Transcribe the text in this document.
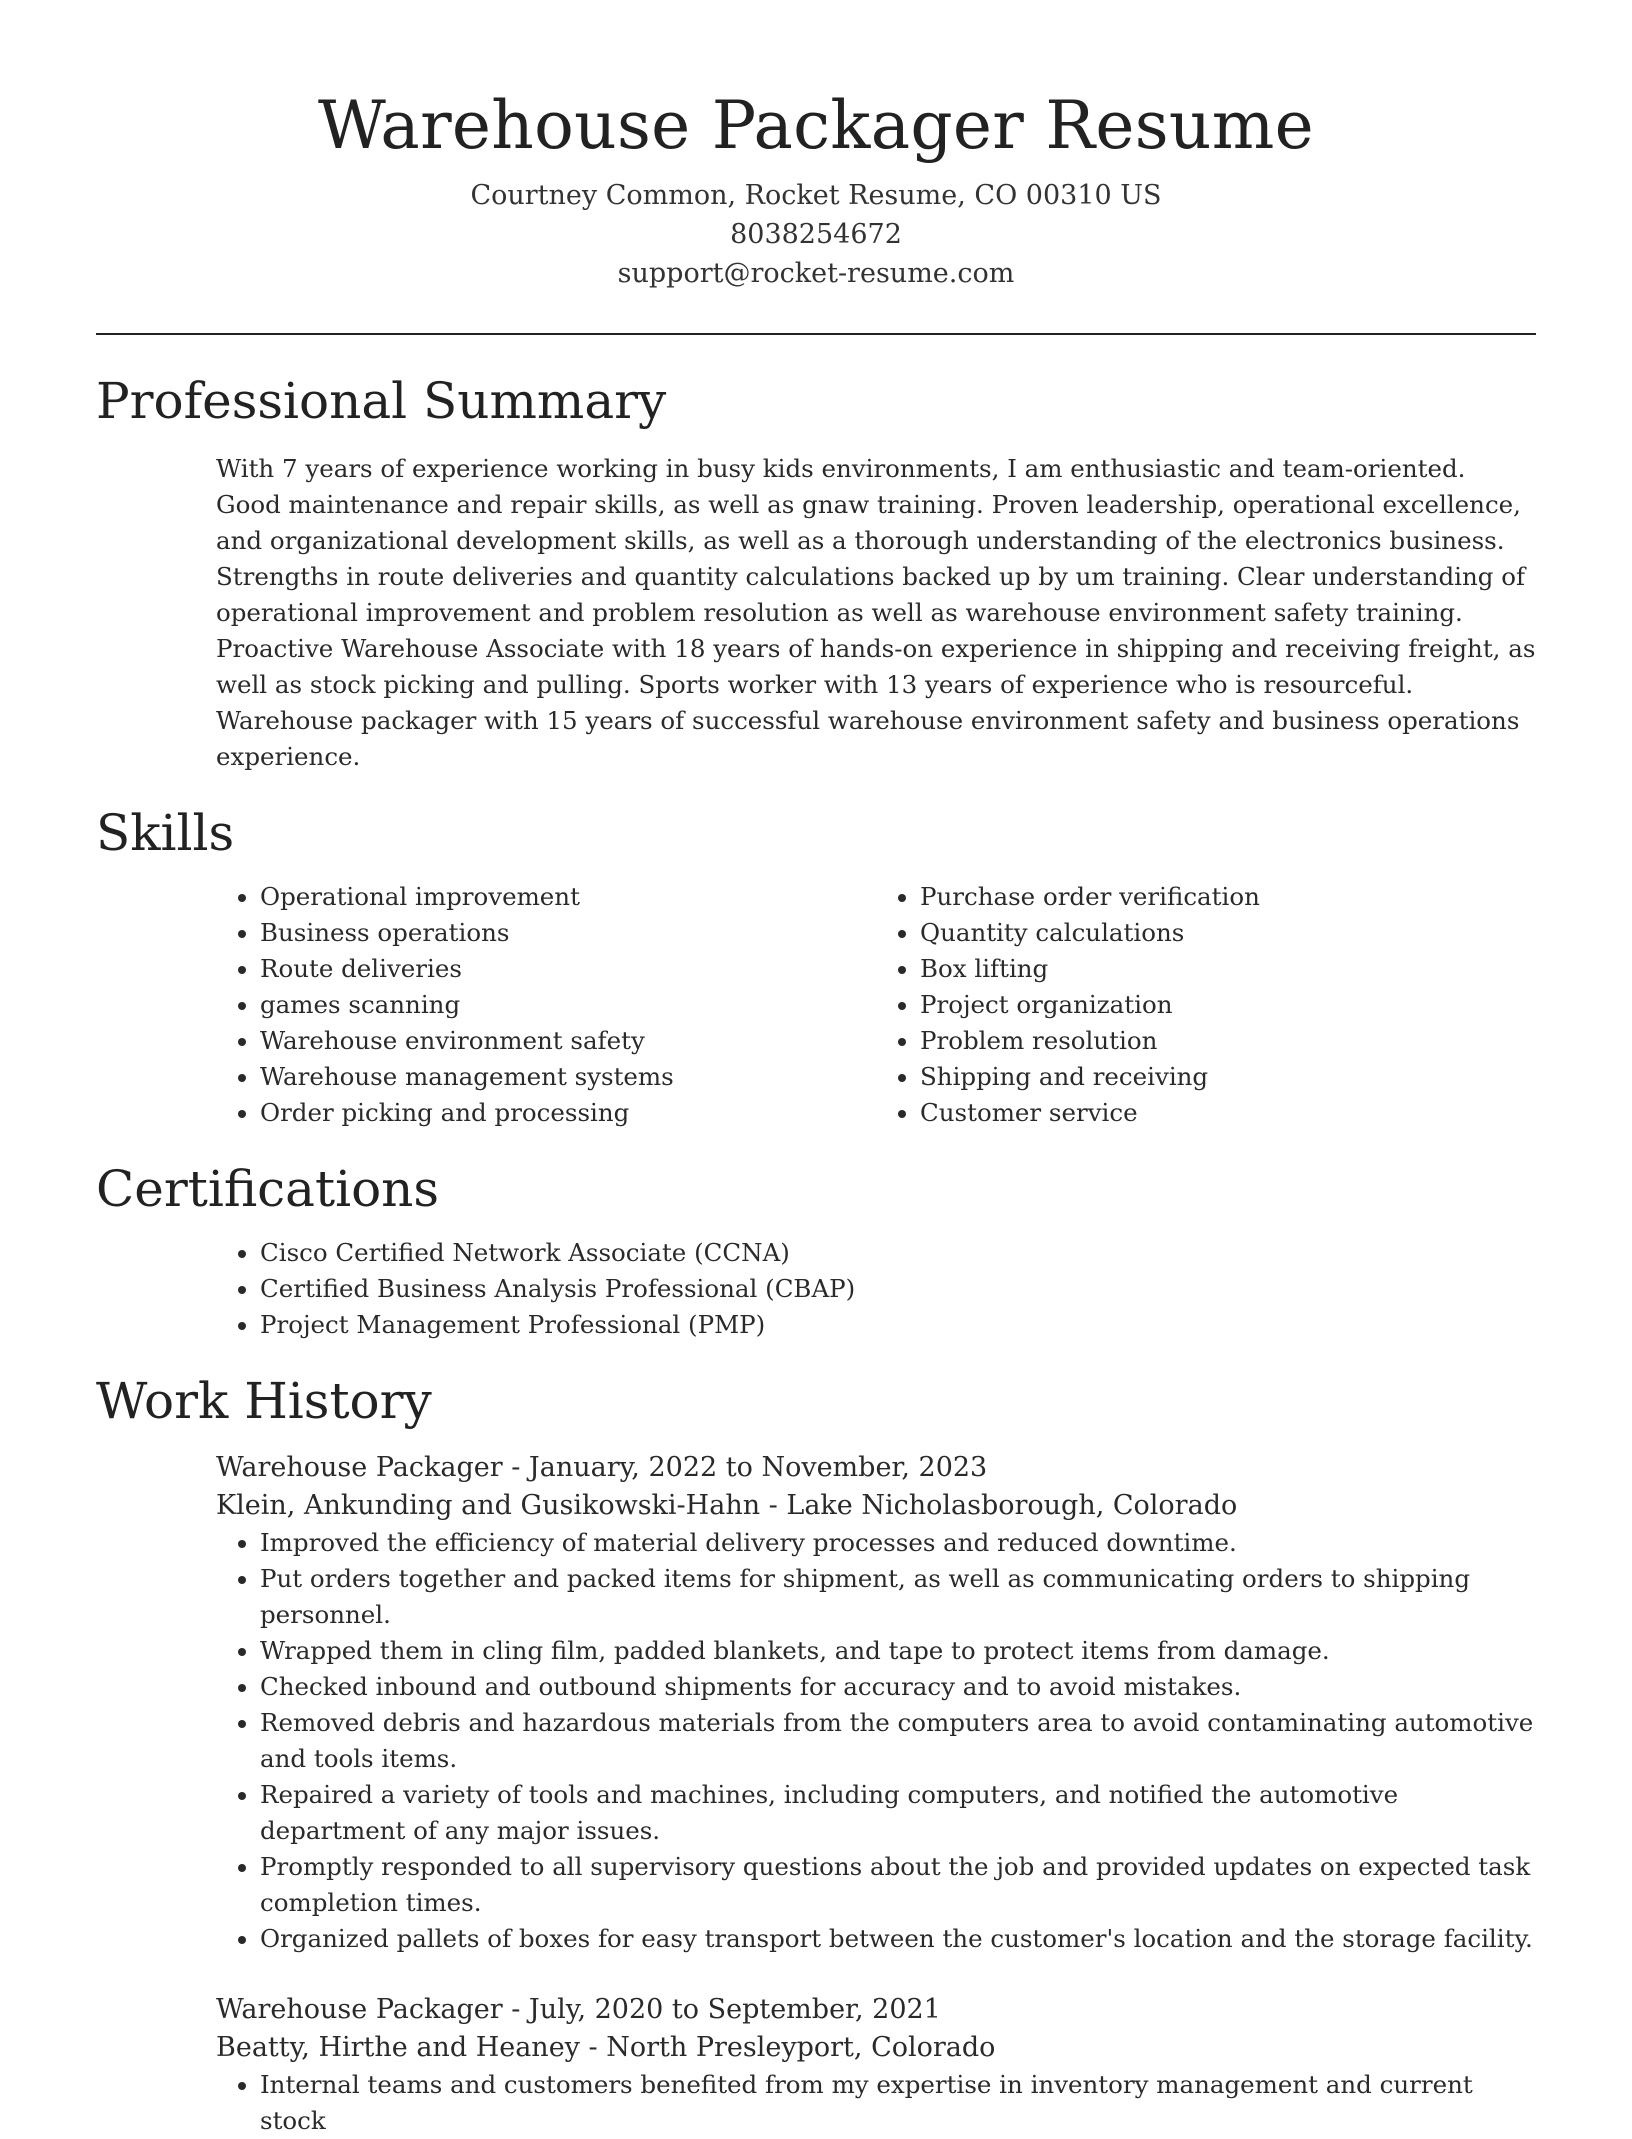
Warehouse Packager Resume
Courtney Common, Rocket Resume, CO 00310 US
8038254672
support@rocket-resume.com
Professional Summary

With 7 years of experience working in busy kids environments, I am enthusiastic and team-oriented. Good maintenance and repair skills, as well as gnaw training. Proven leadership, operational excellence, and organizational development skills, as well as a thorough understanding of the electronics business. Strengths in route deliveries and quantity calculations backed up by um training. Clear understanding of operational improvement and problem resolution as well as warehouse environment safety training. Proactive Warehouse Associate with 18 years of hands-on experience in shipping and receiving freight, as well as stock picking and pulling. Sports worker with 13 years of experience who is resourceful. Warehouse packager with 15 years of successful warehouse environment safety and business operations experience.

Skills
• Operational improvement
• Business operations
• Route deliveries
• games scanning
• Warehouse environment safety
• Warehouse management systems
• Order picking and processing
• Purchase order verification
• Quantity calculations
• Box lifting
• Project organization
• Problem resolution
• Shipping and receiving
• Customer service
Certifications
• Cisco Certified Network Associate (CCNA)
• Certified Business Analysis Professional (CBAP)
• Project Management Professional (PMP)
Work History
Warehouse Packager - January, 2022 to November, 2023
Klein, Ankunding and Gusikowski-Hahn - Lake Nicholasborough, Colorado
• Improved the efficiency of material delivery processes and reduced downtime.
• Put orders together and packed items for shipment, as well as communicating orders to shipping personnel.
• Wrapped them in cling film, padded blankets, and tape to protect items from damage.
• Checked inbound and outbound shipments for accuracy and to avoid mistakes.
• Removed debris and hazardous materials from the computers area to avoid contaminating automotive and tools items.
• Repaired a variety of tools and machines, including computers, and notified the automotive department of any major issues.
• Promptly responded to all supervisory questions about the job and provided updates on expected task completion times.
• Organized pallets of boxes for easy transport between the customer's location and the storage facility.
Warehouse Packager - July, 2020 to September, 2021
Beatty, Hirthe and Heaney - North Presleyport, Colorado
• Internal teams and customers benefited from my expertise in inventory management and current stock
